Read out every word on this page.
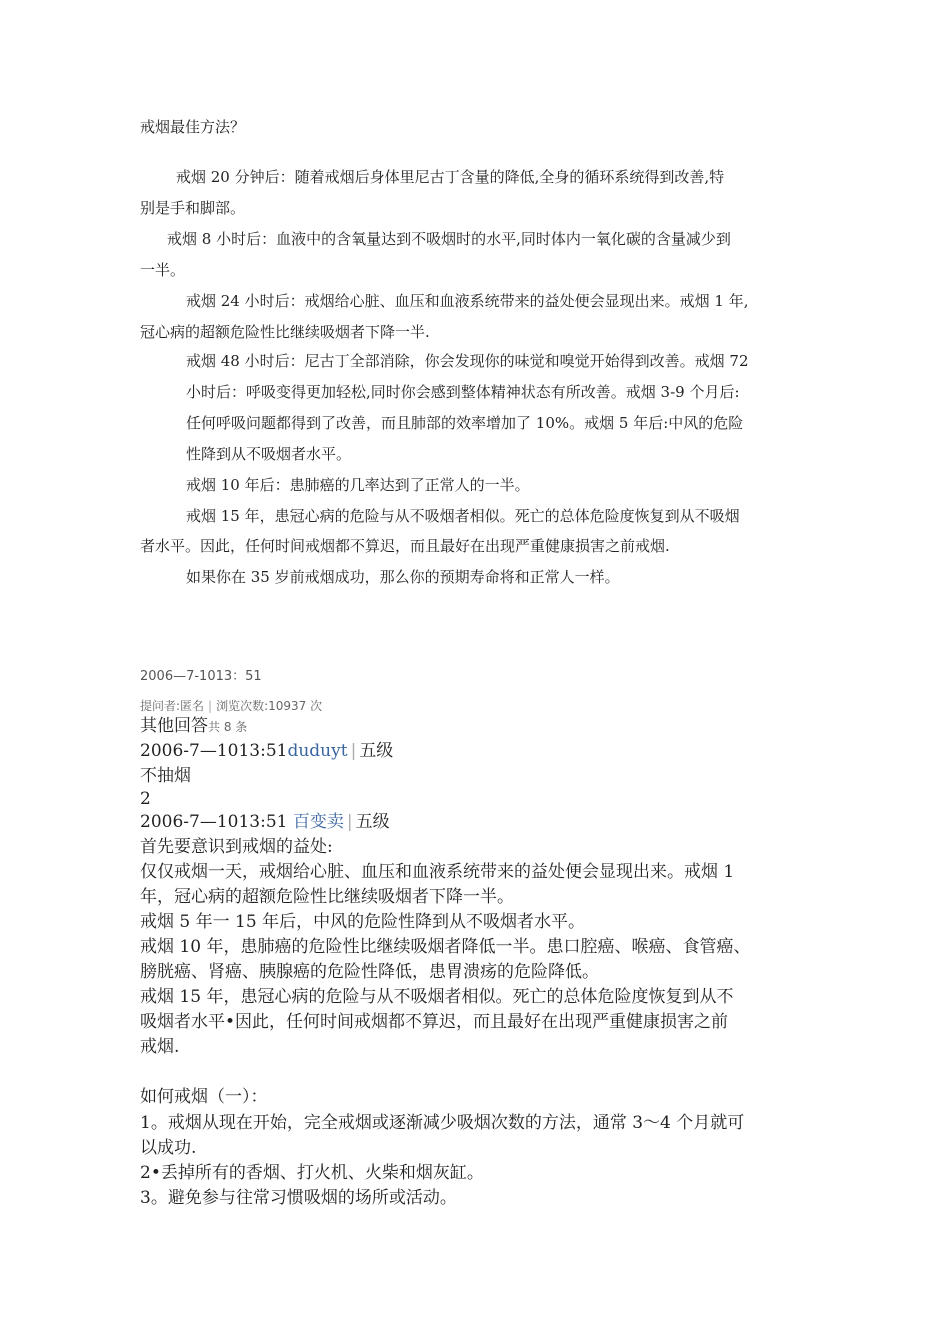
戒烟最佳方法？
戒烟 20 分钟后：随着戒烟后身体里尼古丁含量的降低,全身的循环系统得到改善,特
别是手和脚部。
戒烟 8 小时后：血液中的含氧量达到不吸烟时的水平,同时体内一氧化碳的含量减少到
一半。
戒烟 24 小时后：戒烟给心脏、血压和血液系统带来的益处便会显现出来。戒烟 1 年,
冠心病的超额危险性比继续吸烟者下降一半.
戒烟 48 小时后：尼古丁全部消除，你会发现你的味觉和嗅觉开始得到改善。戒烟 72
小时后：呼吸变得更加轻松,同时你会感到整体精神状态有所改善。戒烟 3-9 个月后:
任何呼吸问题都得到了改善，而且肺部的效率增加了 10%。戒烟 5 年后:中风的危险
性降到从不吸烟者水平。
戒烟 10 年后：患肺癌的几率达到了正常人的一半。
戒烟 15 年，患冠心病的危险与从不吸烟者相似。死亡的总体危险度恢复到从不吸烟
者水平。因此，任何时间戒烟都不算迟，而且最好在出现严重健康损害之前戒烟.
如果你在 35 岁前戒烟成功，那么你的预期寿命将和正常人一样。
2006—7-1013：51
提问者:匿名 | 浏览次数:10937 次
其他回答共 8 条
2006-7—1013:51duduyt | 五级
不抽烟
2
2006-7—1013:51 百变卖 | 五级
首先要意识到戒烟的益处:
仅仅戒烟一天，戒烟给心脏、血压和血液系统带来的益处便会显现出来。戒烟 1
年，冠心病的超额危险性比继续吸烟者下降一半。
戒烟 5 年一 15 年后，中风的危险性降到从不吸烟者水平。
戒烟 10 年，患肺癌的危险性比继续吸烟者降低一半。患口腔癌、喉癌、食管癌、
膀胱癌、肾癌、胰腺癌的危险性降低，患胃溃疡的危险降低。
戒烟 15 年，患冠心病的危险与从不吸烟者相似。死亡的总体危险度恢复到从不
吸烟者水平•因此，任何时间戒烟都不算迟，而且最好在出现严重健康损害之前
戒烟.
如何戒烟（一）：
1。戒烟从现在开始，完全戒烟或逐渐减少吸烟次数的方法，通常 3～4 个月就可
以成功.
2•丢掉所有的香烟、打火机、火柴和烟灰缸。
3。避免参与往常习惯吸烟的场所或活动。
